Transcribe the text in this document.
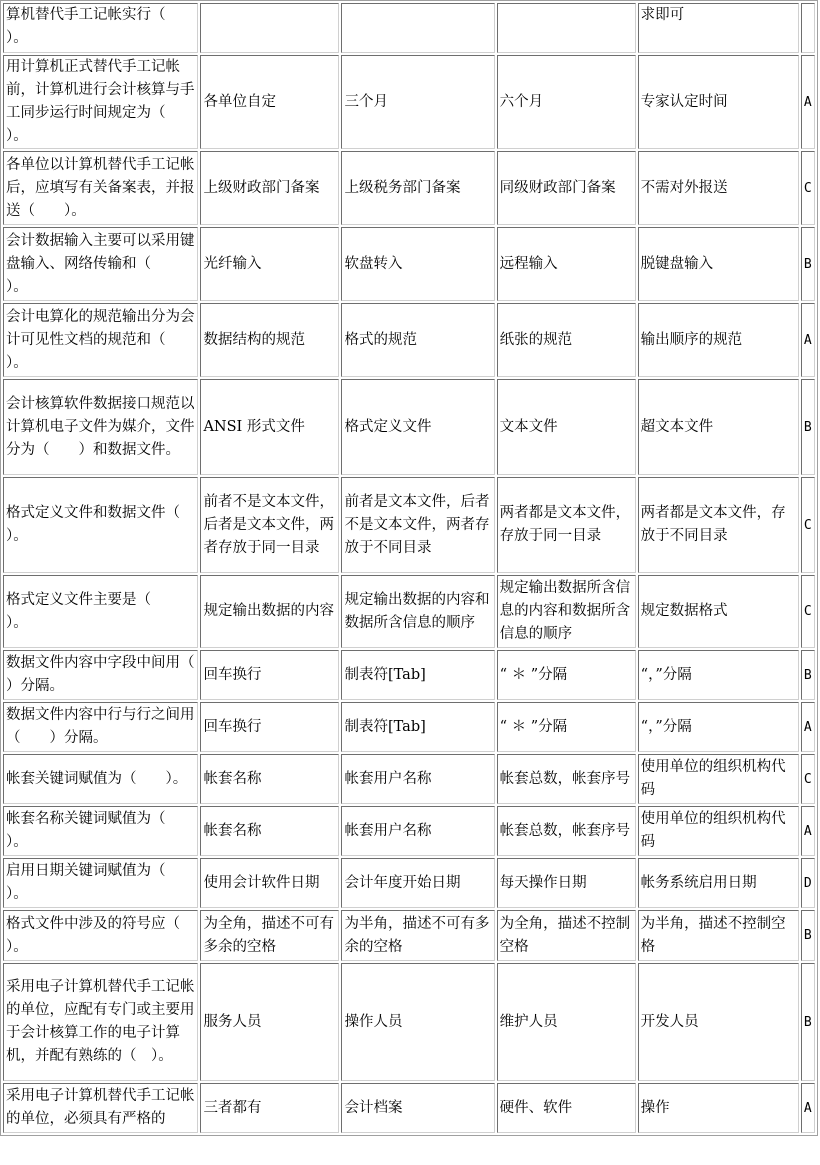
算机替代手工记帐实行（　　）。				求即可	
用计算机正式替代手工记帐前，计算机进行会计核算与手工同步运行时间规定为（　　）。	各单位自定	三个月	六个月	专家认定时间	A
各单位以计算机替代手工记帐后，应填写有关备案表，并报送（　　）。	上级财政部门备案	上级税务部门备案	同级财政部门备案	不需对外报送	C
会计数据输入主要可以采用键盘输入、网络传输和（　　）。	光纤输入	软盘转入	远程输入	脱键盘输入	B
会计电算化的规范输出分为会计可见性文档的规范和（　　）。	数据结构的规范	格式的规范	纸张的规范	输出顺序的规范	A
会计核算软件数据接口规范以计算机电子文件为媒介，文件分为（　　）和数据文件。	ANSI 形式文件	格式定义文件	文本文件	超文本文件	B
格式定义文件和数据文件（　　）。	前者不是文本文件，后者是文本文件，两者存放于同一目录	前者是文本文件，后者不是文本文件，两者存放于不同目录	两者都是文本文件，存放于同一目录	两者都是文本文件，存放于不同目录	C
格式定义文件主要是（　　）。	规定输出数据的内容	规定输出数据的内容和数据所含信息的顺序	规定输出数据所含信息的内容和数据所含信息的顺序	规定数据格式	C
数据文件内容中字段中间用（　　）分隔。	回车换行	制表符[Tab]	“ ＊ ”分隔	“，”分隔	B
数据文件内容中行与行之间用（　　）分隔。	回车换行	制表符[Tab]	“ ＊ ”分隔	“，”分隔	A
帐套关键词赋值为（　　）。	帐套名称	帐套用户名称	帐套总数，帐套序号	使用单位的组织机构代码	C
帐套名称关键词赋值为（　　）。	帐套名称	帐套用户名称	帐套总数，帐套序号	使用单位的组织机构代码	A
启用日期关键词赋值为（　　）。	使用会计软件日期	会计年度开始日期	每天操作日期	帐务系统启用日期	D
格式文件中涉及的符号应（　　）。	为全角，描述不可有多余的空格	为半角，描述不可有多余的空格	为全角，描述不控制空格	为半角，描述不控制空格	B
采用电子计算机替代手工记帐的单位，应配有专门或主要用于会计核算工作的电子计算机，并配有熟练的（　）。	服务人员	操作人员	维护人员	开发人员	B
采用电子计算机替代手工记帐的单位，必须具有严格的	三者都有	会计档案	硬件、软件	操作	A
